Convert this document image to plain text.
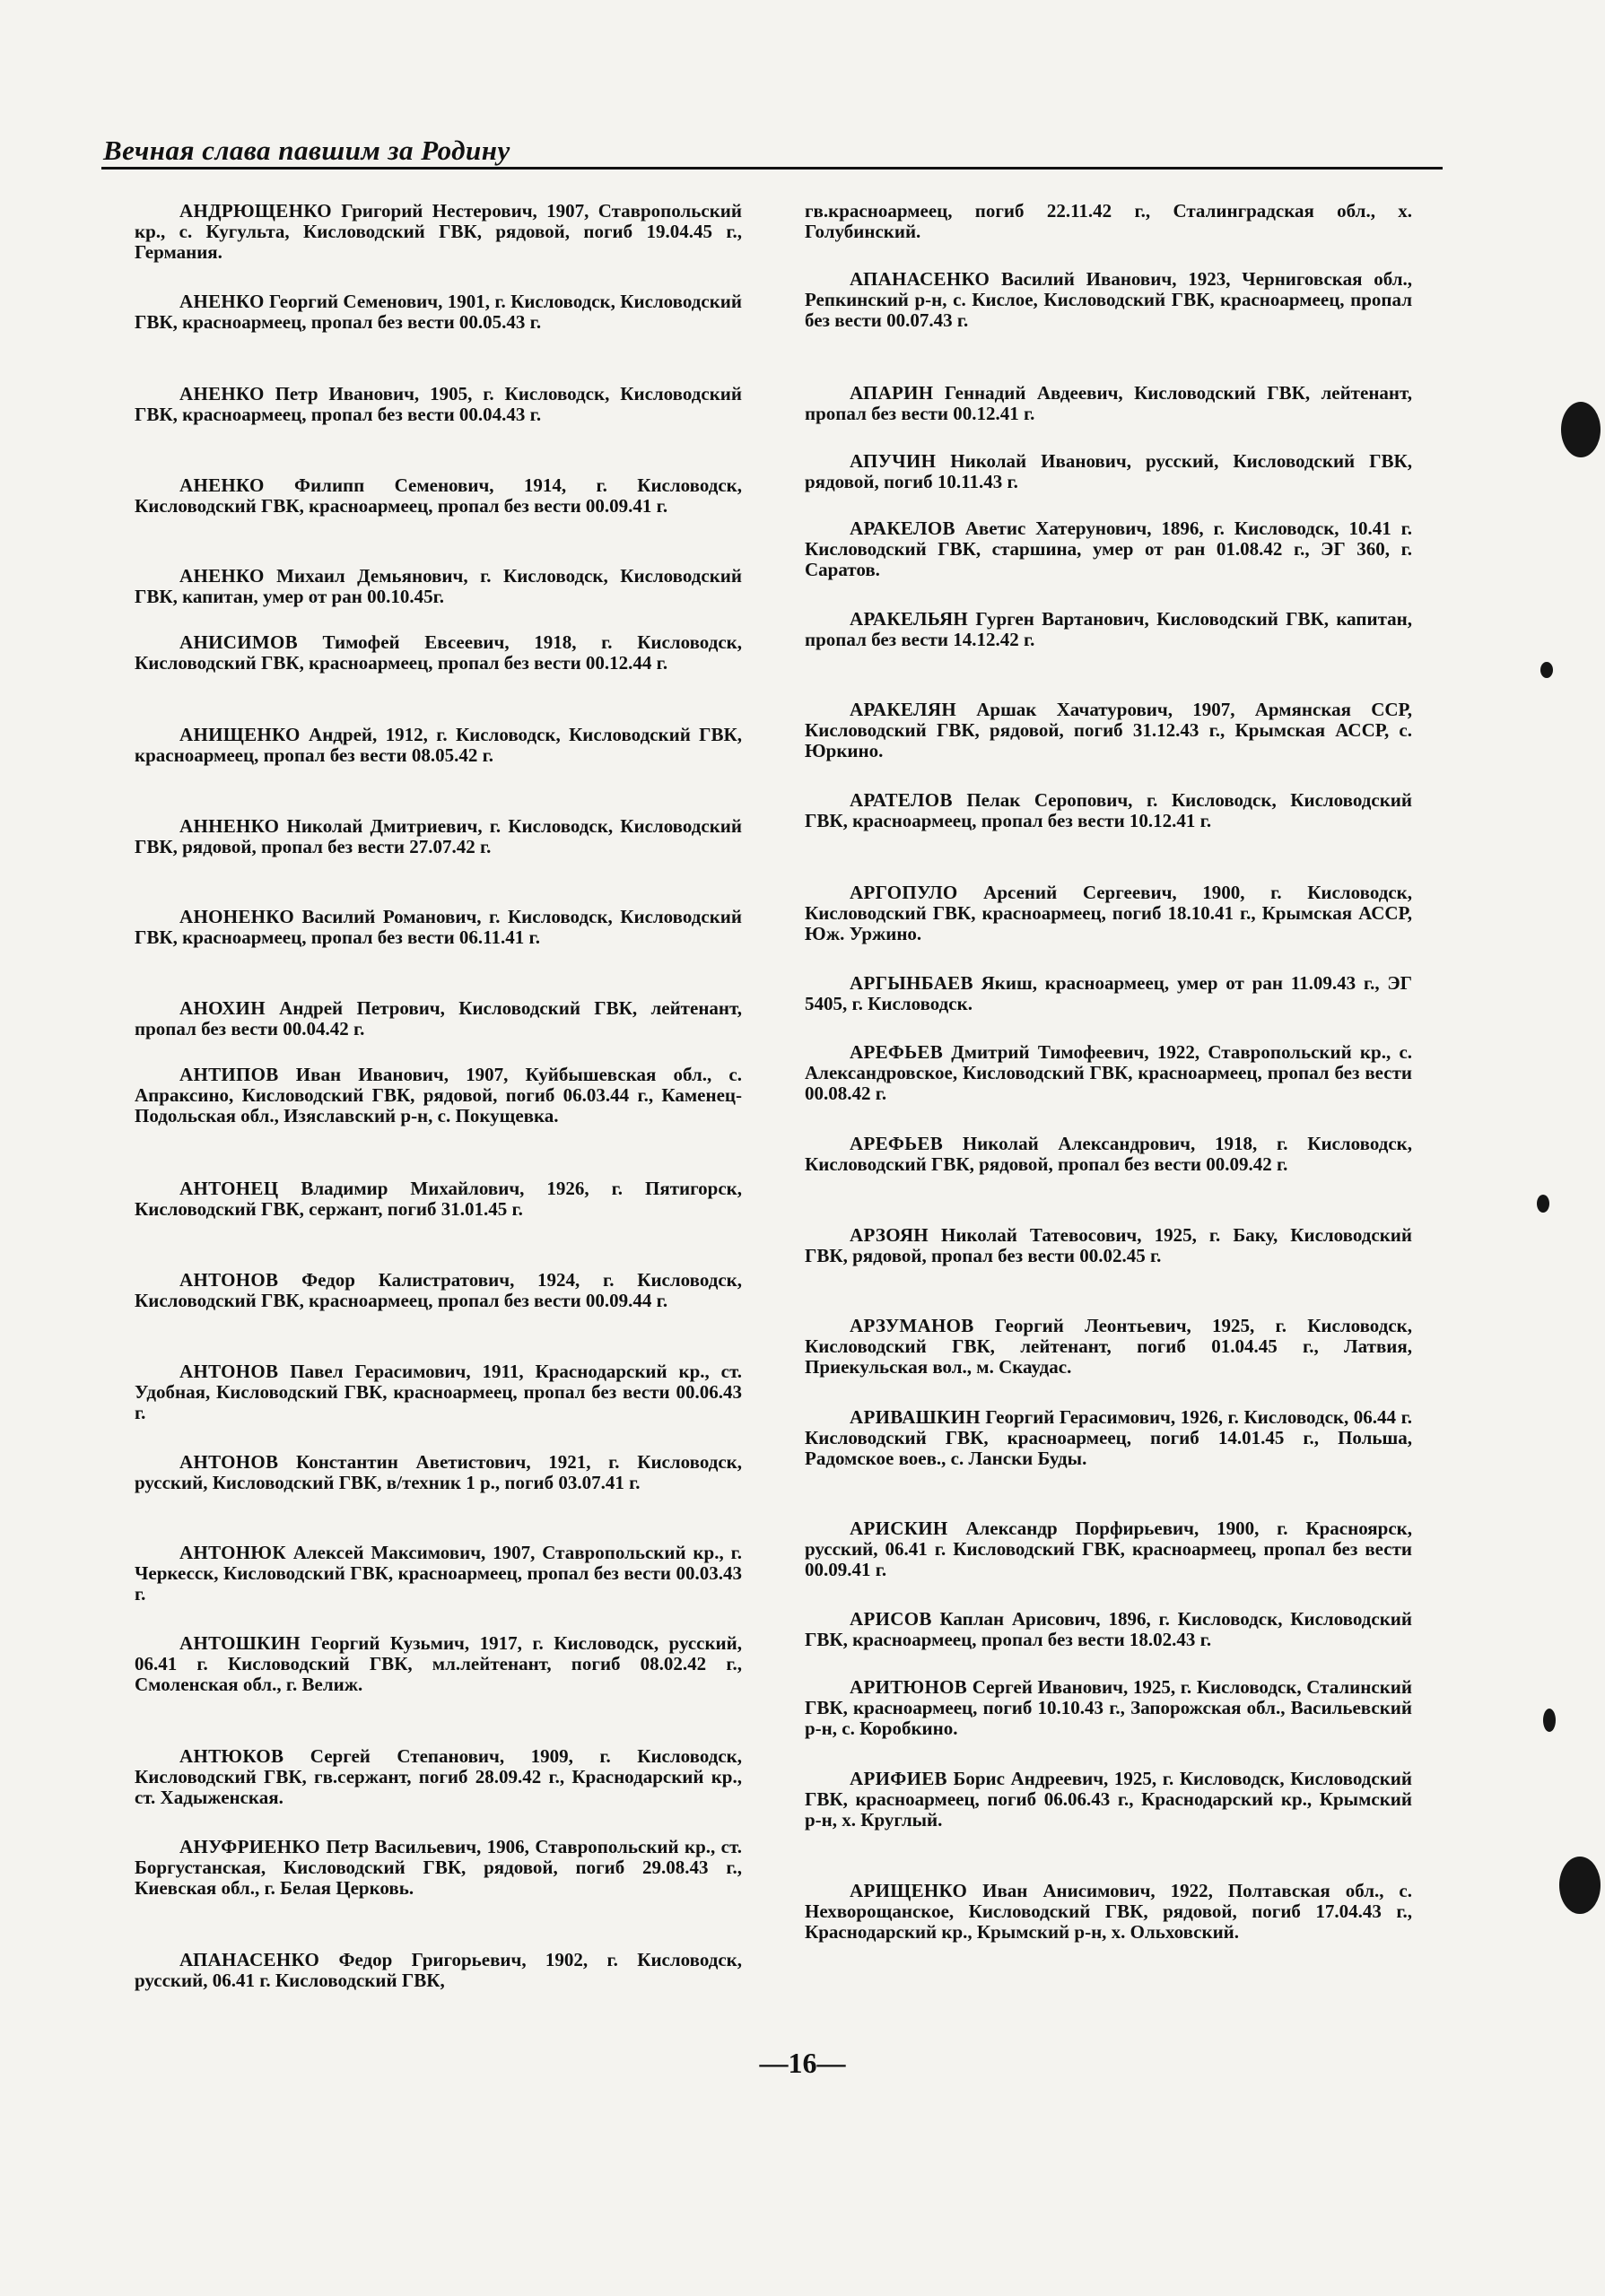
Вечная слава павшим за Родину

АНДРЮЩЕНКО Григорий Нестерович, 1907, Ставропольский кр., с. Кугульта, Кисловодский ГВК, рядовой, погиб 19.04.45 г., Германия.

АНЕНКО Георгий Семенович, 1901, г. Кисловодск, Кисловодский ГВК, красноармеец, пропал без вести 00.05.43 г.

АНЕНКО Петр Иванович, 1905, г. Кисловодск, Кисловодский ГВК, красноармеец, пропал без вести 00.04.43 г.

АНЕНКО Филипп Семенович, 1914, г. Кисловодск, Кисловодский ГВК, красноармеец, пропал без вести 00.09.41 г.

АНЕНКО Михаил Демьянович, г. Кисловодск, Кисловодский ГВК, капитан, умер от ран 00.10.45г.

АНИСИМОВ Тимофей Евсеевич, 1918, г. Кисловодск, Кисловодский ГВК, красноармеец, пропал без вести 00.12.44 г.

АНИЩЕНКО Андрей, 1912, г. Кисловодск, Кисловодский ГВК, красноармеец, пропал без вести 08.05.42 г.

АННЕНКО Николай Дмитриевич, г. Кисловодск, Кисловодский ГВК, рядовой, пропал без вести 27.07.42 г.

АНОНЕНКО Василий Романович, г. Кисловодск, Кисловодский ГВК, красноармеец, пропал без вести 06.11.41 г.

АНОХИН Андрей Петрович, Кисловодский ГВК, лейтенант, пропал без вести 00.04.42 г.

АНТИПОВ Иван Иванович, 1907, Куйбышевская обл., с. Апраксино, Кисловодский ГВК, рядовой, погиб 06.03.44 г., Каменец-Подольская обл., Изяславский р-н, с. Покущевка.

АНТОНЕЦ Владимир Михайлович, 1926, г. Пятигорск, Кисловодский ГВК, сержант, погиб 31.01.45 г.

АНТОНОВ Федор Калистратович, 1924, г. Кисловодск, Кисловодский ГВК, красноармеец, пропал без вести 00.09.44 г.

АНТОНОВ Павел Герасимович, 1911, Краснодарский кр., ст. Удобная, Кисловодский ГВК, красноармеец, пропал без вести 00.06.43 г.

АНТОНОВ Константин Аветистович, 1921, г. Кисловодск, русский, Кисловодский ГВК, в/техник 1 р., погиб 03.07.41 г.

АНТОНЮК Алексей Максимович, 1907, Ставропольский кр., г. Черкесск, Кисловодский ГВК, красноармеец, пропал без вести 00.03.43 г.

АНТОШКИН Георгий Кузьмич, 1917, г. Кисловодск, русский, 06.41 г. Кисловодский ГВК, мл.лейтенант, погиб 08.02.42 г., Смоленская обл., г. Велиж.

АНТЮКОВ Сергей Степанович, 1909, г. Кисловодск, Кисловодский ГВК, гв.сержант, погиб 28.09.42 г., Краснодарский кр., ст. Хадыженская.

АНУФРИЕНКО Петр Васильевич, 1906, Ставропольский кр., ст. Боргустанская, Кисловодский ГВК, рядовой, погиб 29.08.43 г., Киевская обл., г. Белая Церковь.

АПАНАСЕНКО Федор Григорьевич, 1902, г. Кисловодск, русский, 06.41 г. Кисловодский ГВК,

гв.красноармеец, погиб 22.11.42 г., Сталинградская обл., х. Голубинский.

АПАНАСЕНКО Василий Иванович, 1923, Черниговская обл., Репкинский р-н, с. Кислое, Кисловодский ГВК, красноармеец, пропал без вести 00.07.43 г.

АПАРИН Геннадий Авдеевич, Кисловодский ГВК, лейтенант, пропал без вести 00.12.41 г.

АПУЧИН Николай Иванович, русский, Кисловодский ГВК, рядовой, погиб 10.11.43 г.

АРАКЕЛОВ Аветис Хатерунович, 1896, г. Кисловодск, 10.41 г. Кисловодский ГВК, старшина, умер от ран 01.08.42 г., ЭГ 360, г. Саратов.

АРАКЕЛЬЯН Гурген Вартанович, Кисловодский ГВК, капитан, пропал без вести 14.12.42 г.

АРАКЕЛЯН Аршак Хачатурович, 1907, Армянская ССР, Кисловодский ГВК, рядовой, погиб 31.12.43 г., Крымская АССР, с. Юркино.

АРАТЕЛОВ Пелак Серопович, г. Кисловодск, Кисловодский ГВК, красноармеец, пропал без вести 10.12.41 г.

АРГОПУЛО Арсений Сергеевич, 1900, г. Кисловодск, Кисловодский ГВК, красноармеец, погиб 18.10.41 г., Крымская АССР, Юж. Уржино.

АРГЫНБАЕВ Якиш, красноармеец, умер от ран 11.09.43 г., ЭГ 5405, г. Кисловодск.

АРЕФЬЕВ Дмитрий Тимофеевич, 1922, Ставропольский кр., с. Александровское, Кисловодский ГВК, красноармеец, пропал без вести 00.08.42 г.

АРЕФЬЕВ Николай Александрович, 1918, г. Кисловодск, Кисловодский ГВК, рядовой, пропал без вести 00.09.42 г.

АРЗОЯН Николай Татевосович, 1925, г. Баку, Кисловодский ГВК, рядовой, пропал без вести 00.02.45 г.

АРЗУМАНОВ Георгий Леонтьевич, 1925, г. Кисловодск, Кисловодский ГВК, лейтенант, погиб 01.04.45 г., Латвия, Приекульская вол., м. Скаудас.

АРИВАШКИН Георгий Герасимович, 1926, г. Кисловодск, 06.44 г. Кисловодский ГВК, красноармеец, погиб 14.01.45 г., Польша, Радомское воев., с. Лански Буды.

АРИСКИН Александр Порфирьевич, 1900, г. Красноярск, русский, 06.41 г. Кисловодский ГВК, красноармеец, пропал без вести 00.09.41 г.

АРИСОВ Каплан Арисович, 1896, г. Кисловодск, Кисловодский ГВК, красноармеец, пропал без вести 18.02.43 г.

АРИТЮНОВ Сергей Иванович, 1925, г. Кисловодск, Сталинский ГВК, красноармеец, погиб 10.10.43 г., Запорожская обл., Васильевский р-н, с. Коробкино.

АРИФИЕВ Борис Андреевич, 1925, г. Кисловодск, Кисловодский ГВК, красноармеец, погиб 06.06.43 г., Краснодарский кр., Крымский р-н, х. Круглый.

АРИЩЕНКО Иван Анисимович, 1922, Полтавская обл., с. Нехворощанское, Кисловодский ГВК, рядовой, погиб 17.04.43 г., Краснодарский кр., Крымский р-н, х. Ольховский.

—16—
